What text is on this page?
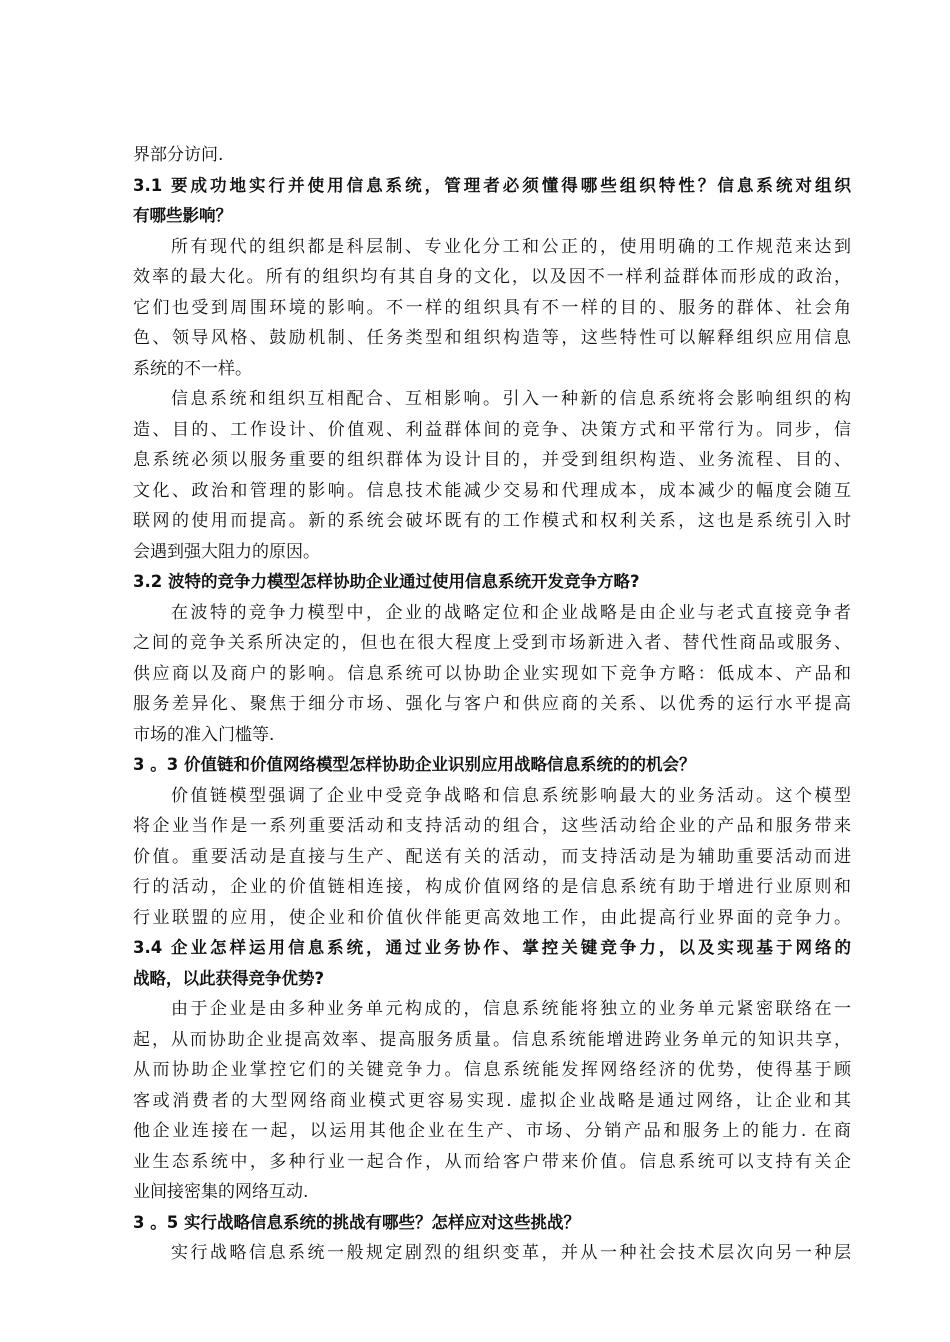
界部分访问.
3.1 要成功地实行并使用信息系统，管理者必须懂得哪些组织特性？信息系统对组织
有哪些影响？
所有现代的组织都是科层制、专业化分工和公正的，使用明确的工作规范来达到
效率的最大化。所有的组织均有其自身的文化，以及因不一样利益群体而形成的政治，
它们也受到周围环境的影响。不一样的组织具有不一样的目的、服务的群体、社会角
色、领导风格、鼓励机制、任务类型和组织构造等，这些特性可以解释组织应用信息
系统的不一样。
信息系统和组织互相配合、互相影响。引入一种新的信息系统将会影响组织的构
造、目的、工作设计、价值观、利益群体间的竞争、决策方式和平常行为。同步，信
息系统必须以服务重要的组织群体为设计目的，并受到组织构造、业务流程、目的、
文化、政治和管理的影响。信息技术能减少交易和代理成本，成本减少的幅度会随互
联网的使用而提高。新的系统会破坏既有的工作模式和权利关系，这也是系统引入时
会遇到强大阻力的原因。
3.2 波特的竞争力模型怎样协助企业通过使用信息系统开发竞争方略?
在波特的竞争力模型中，企业的战略定位和企业战略是由企业与老式直接竞争者
之间的竞争关系所决定的，但也在很大程度上受到市场新进入者、替代性商品或服务、
供应商以及商户的影响。信息系统可以协助企业实现如下竞争方略：低成本、产品和
服务差异化、聚焦于细分市场、强化与客户和供应商的关系、以优秀的运行水平提高
市场的准入门槛等.
3 。3 价值链和价值网络模型怎样协助企业识别应用战略信息系统的的机会？
价值链模型强调了企业中受竞争战略和信息系统影响最大的业务活动。这个模型
将企业当作是一系列重要活动和支持活动的组合，这些活动给企业的产品和服务带来
价值。重要活动是直接与生产、配送有关的活动，而支持活动是为辅助重要活动而进
行的活动，企业的价值链相连接，构成价值网络的是信息系统有助于增进行业原则和
行业联盟的应用，使企业和价值伙伴能更高效地工作，由此提高行业界面的竞争力。
3.4 企业怎样运用信息系统，通过业务协作、掌控关键竞争力，以及实现基于网络的
战略，以此获得竞争优势?
由于企业是由多种业务单元构成的，信息系统能将独立的业务单元紧密联络在一
起，从而协助企业提高效率、提高服务质量。信息系统能增进跨业务单元的知识共享，
从而协助企业掌控它们的关键竞争力。信息系统能发挥网络经济的优势，使得基于顾
客或消费者的大型网络商业模式更容易实现. 虚拟企业战略是通过网络，让企业和其
他企业连接在一起，以运用其他企业在生产、市场、分销产品和服务上的能力. 在商
业生态系统中，多种行业一起合作，从而给客户带来价值。信息系统可以支持有关企
业间接密集的网络互动.
3 。5 实行战略信息系统的挑战有哪些？怎样应对这些挑战？
实行战略信息系统一般规定剧烈的组织变革，并从一种社会技术层次向另一种层
